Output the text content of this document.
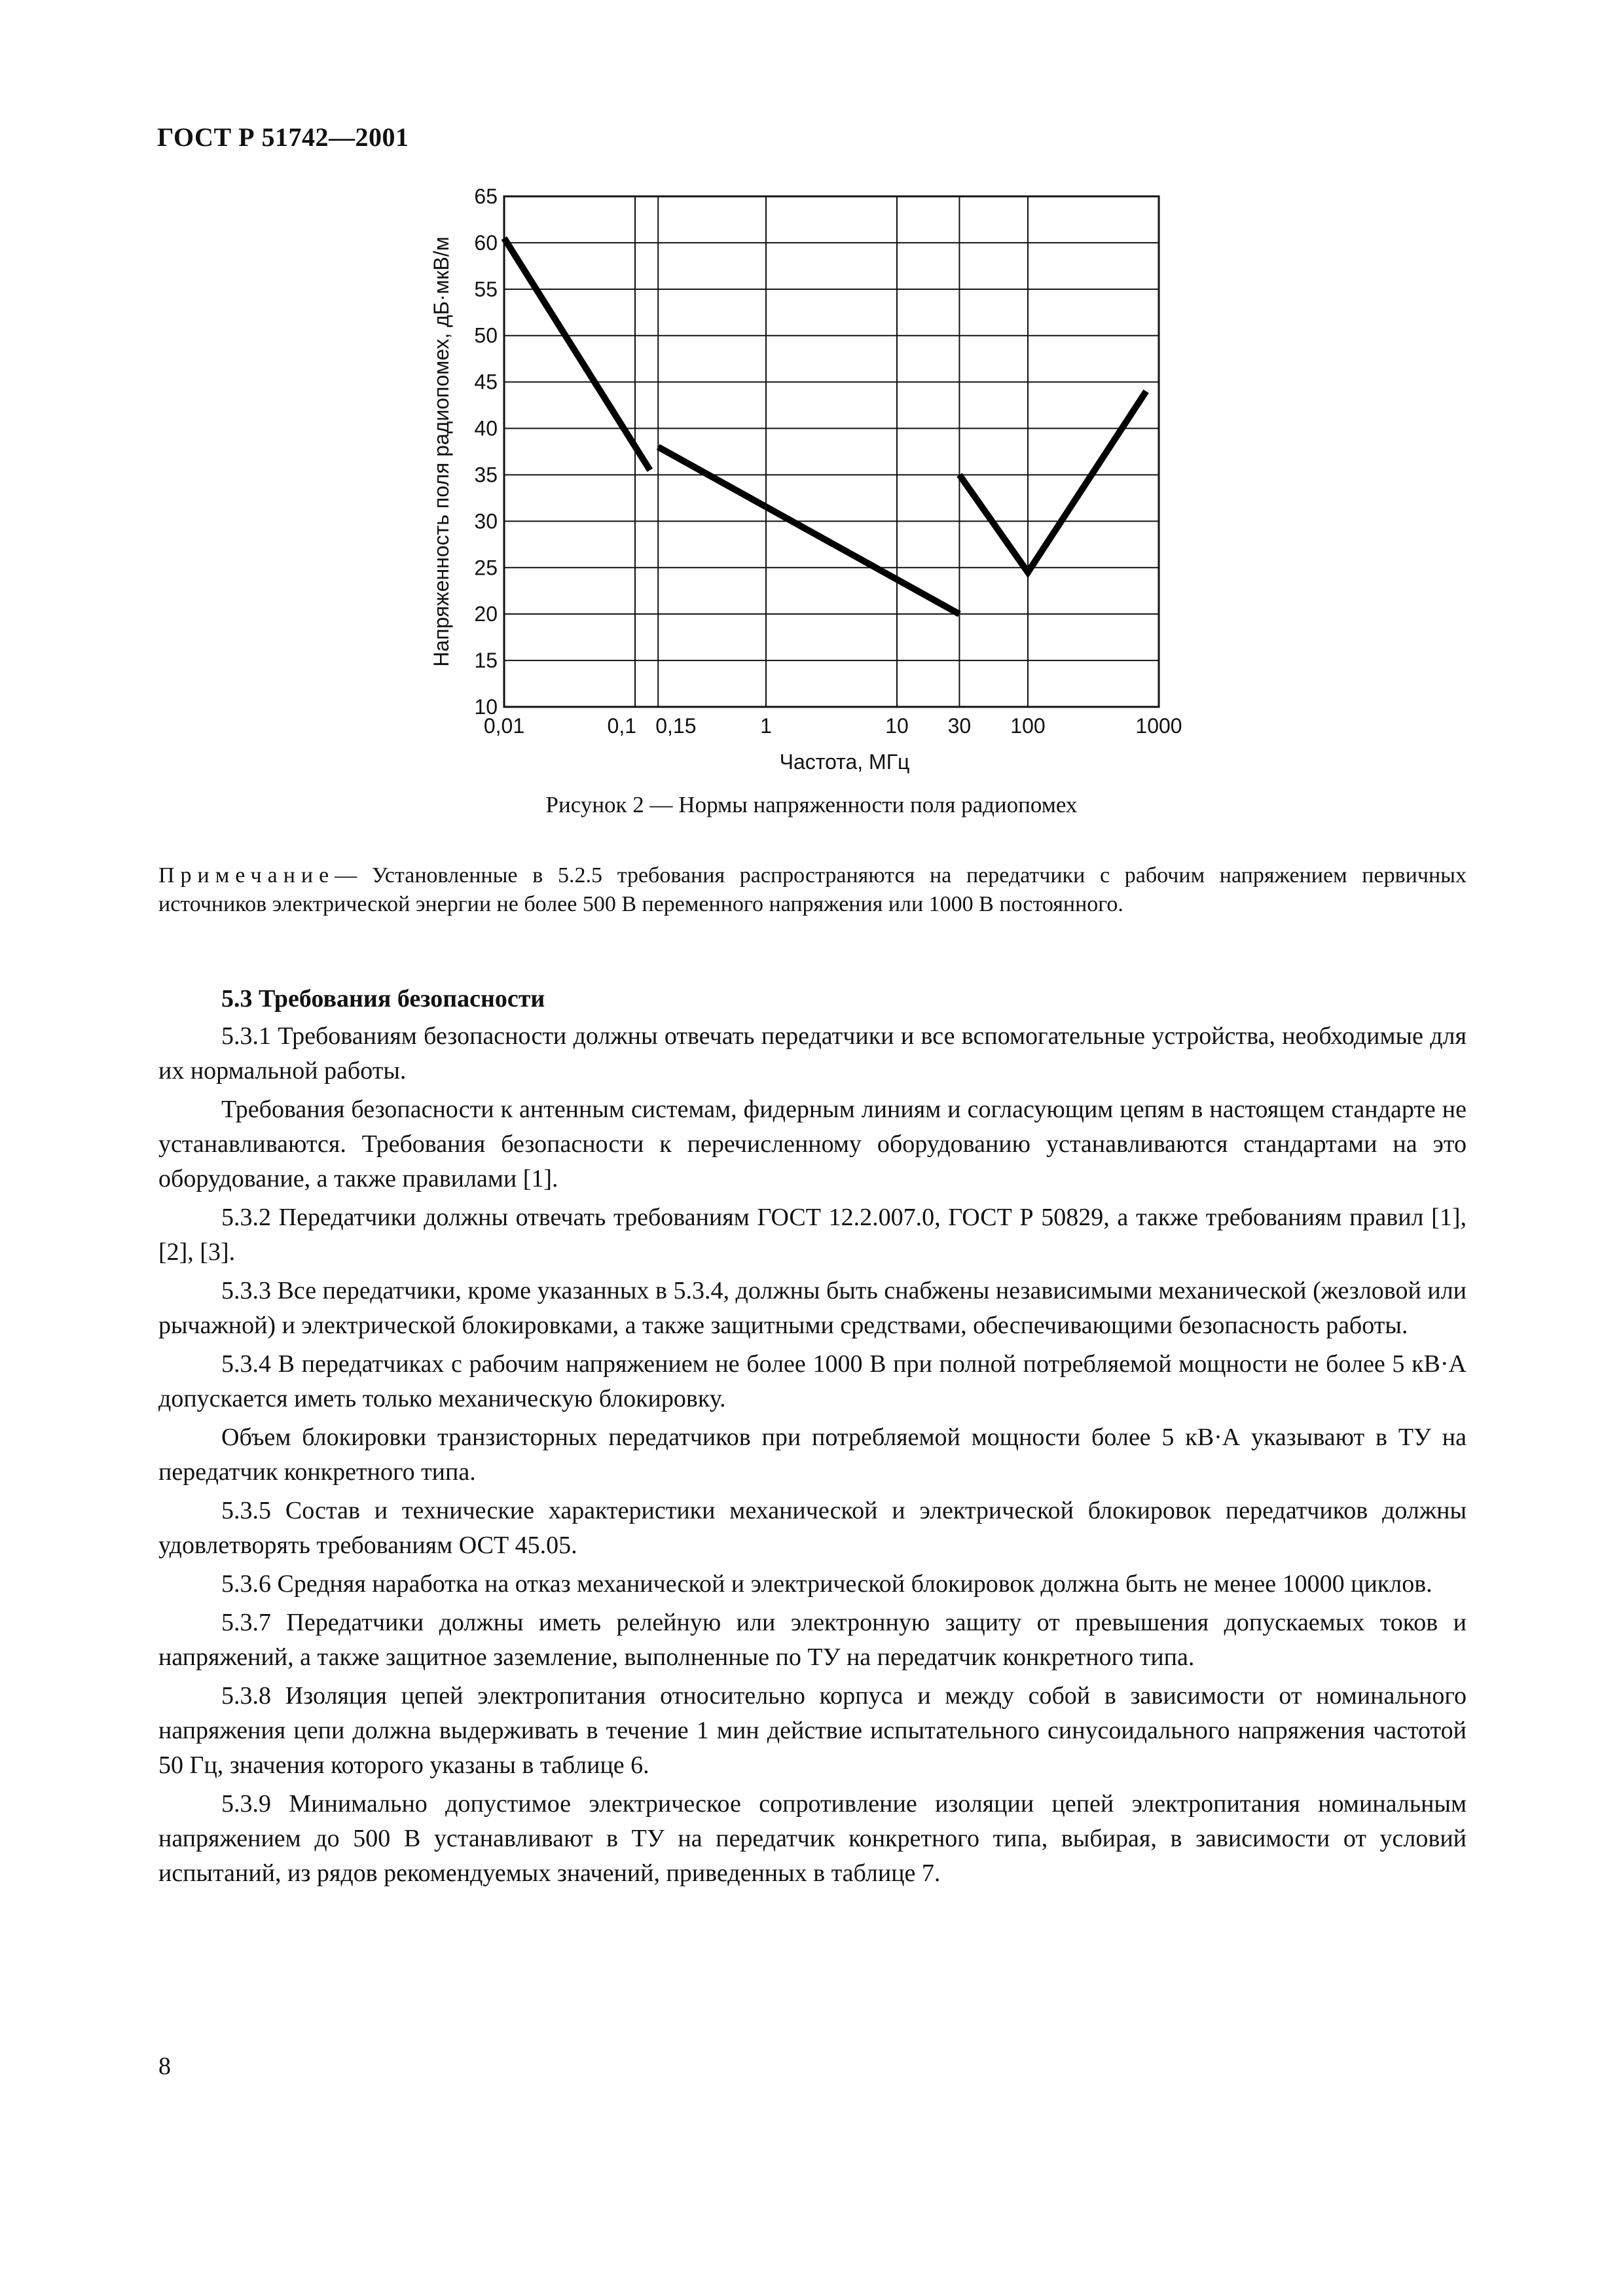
ГОСТ Р 51742—2001
10
15
20
25
30
35
40
45
50
55
60
65
0,01	0,1 0,15	1	10 30 100	1000
Частота, МГц
Напряженность поля радиопомех, дБ·мкВ/м
Рисунок 2 — Нормы напряженности поля радиопомех
Примечание— Установленные в 5.2.5 требования распространяются на передатчики с рабочим напряжением первичных источников электрической энергии не более 500 В переменного напряжения или 1000 В постоянного.
5.3 Требования безопасности

5.3.1 Требованиям безопасности должны отвечать передатчики и все вспомогательные устройства, необходимые для их нормальной работы.

Требования безопасности к антенным системам, фидерным линиям и согласующим цепям в настоящем стандарте не устанавливаются. Требования безопасности к перечисленному оборудованию устанавливаются стандартами на это оборудование, а также правилами [1].

5.3.2 Передатчики должны отвечать требованиям ГОСТ 12.2.007.0, ГОСТ Р 50829, а также требованиям правил [1], [2], [3].

5.3.3 Все передатчики, кроме указанных в 5.3.4, должны быть снабжены независимыми механической (жезловой или рычажной) и электрической блокировками, а также защитными средствами, обеспечивающими безопасность работы.

5.3.4 В передатчиках с рабочим напряжением не более 1000 В при полной потребляемой мощности не более 5 кВ·А допускается иметь только механическую блокировку.

Объем блокировки транзисторных передатчиков при потребляемой мощности более 5 кВ·А указывают в ТУ на передатчик конкретного типа.

5.3.5 Состав и технические характеристики механической и электрической блокировок передатчиков должны удовлетворять требованиям ОСТ 45.05.

5.3.6 Средняя наработка на отказ механической и электрической блокировок должна быть не менее 10000 циклов.

5.3.7 Передатчики должны иметь релейную или электронную защиту от превышения допускаемых токов и напряжений, а также защитное заземление, выполненные по ТУ на передатчик конкретного типа.

5.3.8 Изоляция цепей электропитания относительно корпуса и между собой в зависимости от номинального напряжения цепи должна выдерживать в течение 1 мин действие испытательного синусоидального напряжения частотой 50 Гц, значения которого указаны в таблице 6.

5.3.9 Минимально допустимое электрическое сопротивление изоляции цепей электропитания номинальным напряжением до 500 В устанавливают в ТУ на передатчик конкретного типа, выбирая, в зависимости от условий испытаний, из рядов рекомендуемых значений, приведенных в таблице 7.

8
